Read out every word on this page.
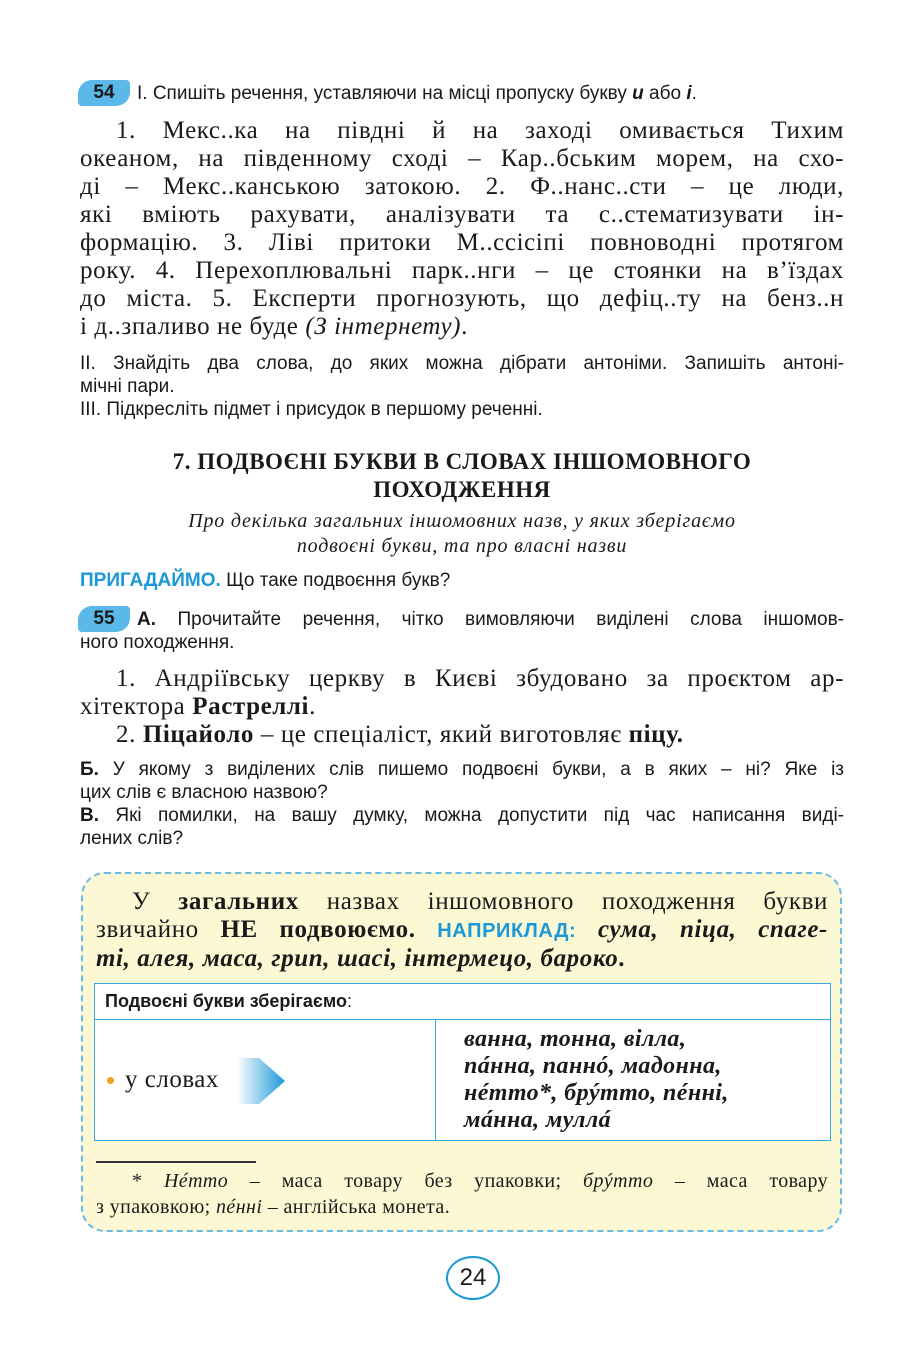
54	І. Спишіть речення, уставляючи на місці пропуску букву и або і.
1. Мекс..ка на півдні й на заході омивається Тихим
океаном, на південному сході – Кар..бським морем, на схо-
ді – Мекс..канською затокою. 2. Ф..нанс..сти – це люди,
які вміють рахувати, аналізувати та с..стематизувати ін-
формацію. 3. Ліві притоки М..ссісіпі повноводні протягом
року. 4. Перехоплювальні парк..нги – це стоянки на в’їздах
до міста. 5. Експерти прогнозують, що дефіц..ту на бенз..н
і д..зпаливо не буде (З інтернету).
ІІ. Знайдіть два слова, до яких можна дібрати антоніми. Запишіть антоні-
мічні пари.
ІІІ. Підкресліть підмет і присудок в першому реченні.
7. ПОДВОЄНІ БУКВИ В СЛОВАХ ІНШОМОВНОГО
ПОХОДЖЕННЯ
Про декілька загальних іншомовних назв, у яких зберігаємо
подвоєні букви, та про власні назви
ПРИГАДАЙМО. Що таке подвоєння букв?
55	А. Прочитайте речення, чітко вимовляючи виділені слова іншомов-
ного походження.
1. Андріївську церкву в Києві збудовано за проєктом ар-
хітектора Растреллі.
2. Піцайоло – це спеціаліст, який виготовляє піцу.
Б. У якому з виділених слів пишемо подвоєні букви, а в яких – ні? Яке із
цих слів є власною назвою?
В. Які помилки, на вашу думку, можна допустити під час написання виді-
лених слів?
У загальних назвах іншомовного походження букви
звичайно НЕ подвоюємо. НАПРИКЛАД: сума, піца, спаге-
ті, алея, маса, грип, шасі, інтермецо, бароко.
Подвоєні букви зберігаємо:

у словах

ванна, тонна, вілла,
пáнна, паннó, мадонна,
нéтто*, брýтто, пéнні,
мáнна, муллá
* Нéтто – маса товару без упаковки; брýтто – маса товару
з упаковкою; пéнні – англійська монета.
24
